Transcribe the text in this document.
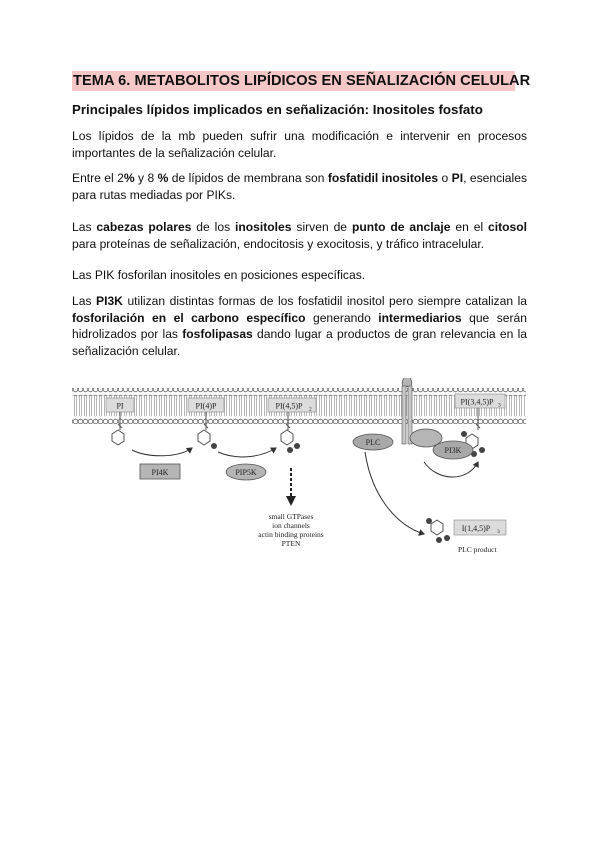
TEMA 6. METABOLITOS LIPÍDICOS EN SEÑALIZACIÓN CELULAR
Principales lípidos implicados en señalización: Inositoles fosfato
Los lípidos de la mb pueden sufrir una modificación e intervenir en procesos
importantes de la señalización celular.
Entre el 2% y 8 % de lípidos de membrana son fosfatidil inositoles o PI, esenciales
para rutas mediadas por PIKs.
Las cabezas polares de los inositoles sirven de punto de anclaje en el citosol
para proteínas de señalización, endocitosis y exocitosis, y tráfico intracelular.
Las PIK fosforilan inositoles en posiciones específicas.
Las PI3K utilizan distintas formas de los fosfatidil inositol pero siempre catalizan la
fosforilación en el carbono específico generando intermediarios que serán
hidrolizados por las fosfolipasas dando lugar a productos de gran relevancia en la
señalización celular.
PI	PI(4)P	PI(4,5)P 2
PI(3,4,5)P 3
PI4K	PIP5K
PLC
PI3K
I(1,4,5)P 3
PLC product
small GTPases
ion channels
actin binding proteins
PTEN
